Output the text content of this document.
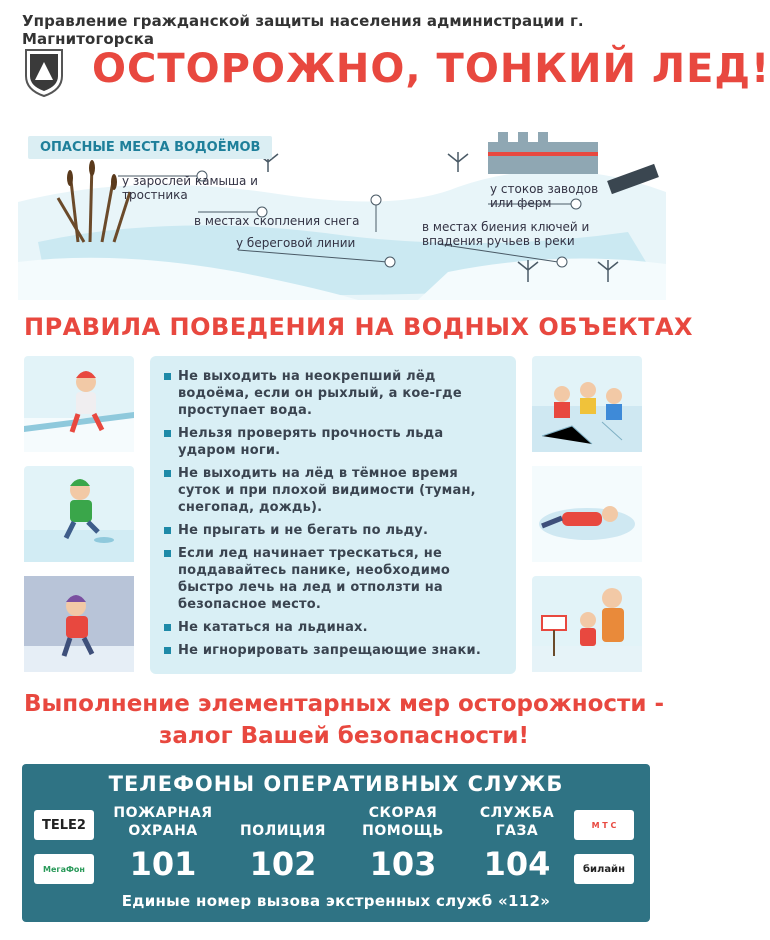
Управление гражданской защиты населения администрации г. Магнитогорска
ОСТОРОЖНО, ТОНКИЙ ЛЕД!
ОПАСНЫЕ МЕСТА ВОДОЁМОВ
у зарослей камыша и тростника
в местах скопления снега
у береговой линии
у стоков заводов или ферм
в местах биения ключей и впадения ручьев в реки
ПРАВИЛА ПОВЕДЕНИЯ НА ВОДНЫХ ОБЪЕКТАХ
Не выходить на неокрепший лёд водоёма, если он рыхлый, а кое-где проступает вода.
Нельзя проверять прочность льда ударом ноги.
Не выходить на лёд в тёмное время суток и при плохой видимости (туман, снегопад, дождь).
Не прыгать и не бегать по льду.
Если лед начинает трескаться, не поддавайтесь панике, необходимо быстро лечь на лед и отползти на безопасное место.
Не кататься на льдинах.
Не игнорировать запрещающие знаки.
Выполнение элементарных мер осторожности -
залог Вашей безопасности!
ТЕЛЕФОНЫ ОПЕРАТИВНЫХ СЛУЖБ
TELE2
МегаФон
М Т С
билайн
ПОЖАРНАЯ ОХРАНА
101
ПОЛИЦИЯ
102
СКОРАЯ ПОМОЩЬ
103
СЛУЖБА ГАЗА
104
Единые номер вызова экстренных служб «112»
